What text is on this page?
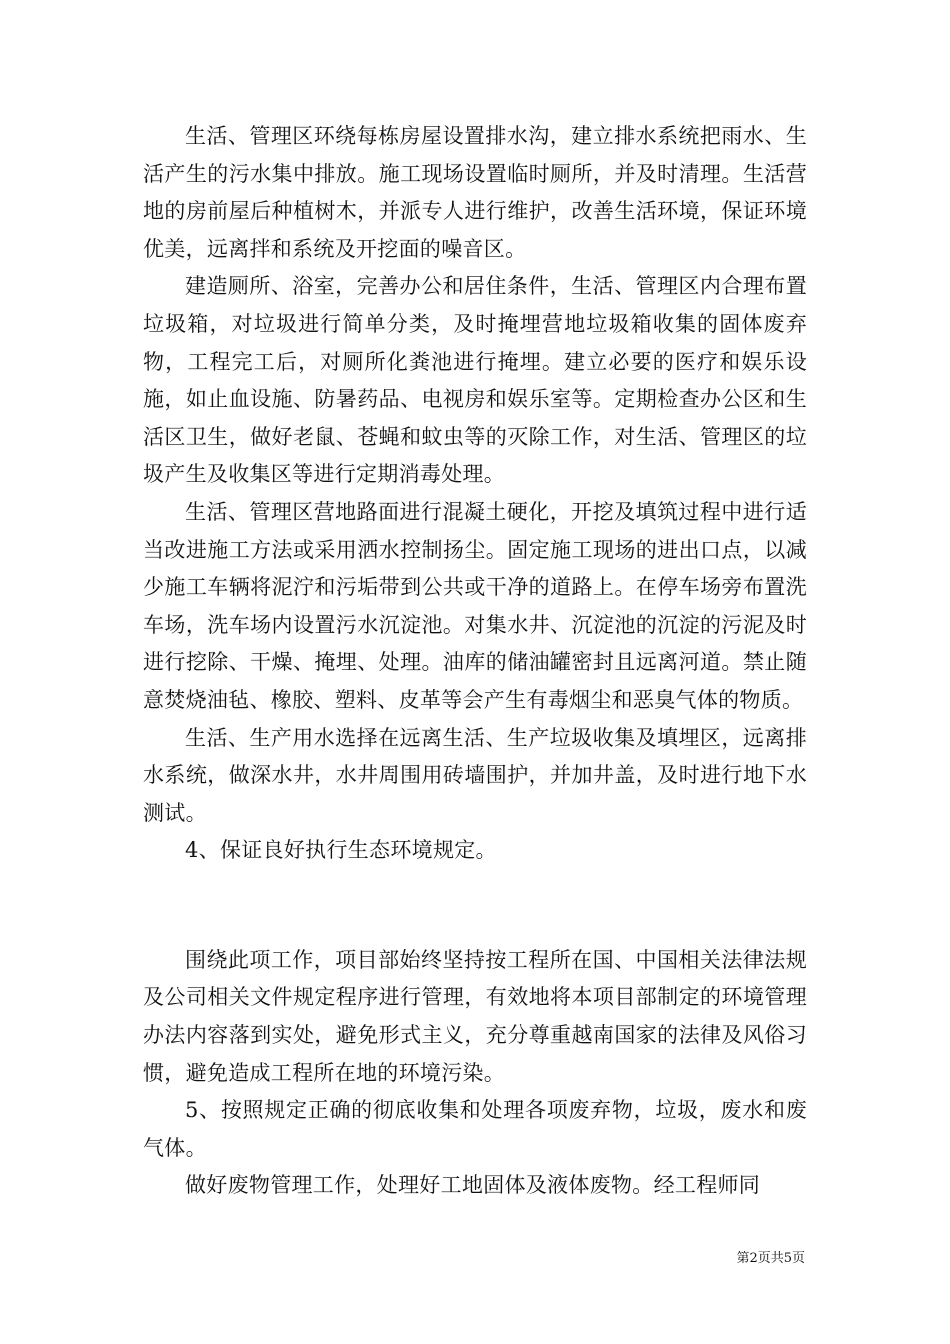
生活、管理区环绕每栋房屋设置排水沟，建立排水系统把雨水、生活产生的污水集中排放。施工现场设置临时厕所，并及时清理。生活营地的房前屋后种植树木，并派专人进行维护，改善生活环境，保证环境优美，远离拌和系统及开挖面的噪音区。

建造厕所、浴室，完善办公和居住条件，生活、管理区内合理布置垃圾箱，对垃圾进行简单分类，及时掩埋营地垃圾箱收集的固体废弃物，工程完工后，对厕所化粪池进行掩埋。建立必要的医疗和娱乐设施，如止血设施、防暑药品、电视房和娱乐室等。定期检查办公区和生活区卫生，做好老鼠、苍蝇和蚊虫等的灭除工作，对生活、管理区的垃圾产生及收集区等进行定期消毒处理。

生活、管理区营地路面进行混凝土硬化，开挖及填筑过程中进行适当改进施工方法或采用洒水控制扬尘。固定施工现场的进出口点，以减少施工车辆将泥泞和污垢带到公共或干净的道路上。在停车场旁布置洗车场，洗车场内设置污水沉淀池。对集水井、沉淀池的沉淀的污泥及时进行挖除、干燥、掩埋、处理。油库的储油罐密封且远离河道。禁止随意焚烧油毡、橡胶、塑料、皮革等会产生有毒烟尘和恶臭气体的物质。

生活、生产用水选择在远离生活、生产垃圾收集及填埋区，远离排水系统，做深水井，水井周围用砖墙围护，并加井盖，及时进行地下水测试。

4、保证良好执行生态环境规定。

围绕此项工作，项目部始终坚持按工程所在国、中国相关法律法规及公司相关文件规定程序进行管理，有效地将本项目部制定的环境管理办法内容落到实处，避免形式主义，充分尊重越南国家的法律及风俗习惯，避免造成工程所在地的环境污染。

5、按照规定正确的彻底收集和处理各项废弃物，垃圾，废水和废气体。

做好废物管理工作，处理好工地固体及液体废物。经工程师同

第2页共5页
